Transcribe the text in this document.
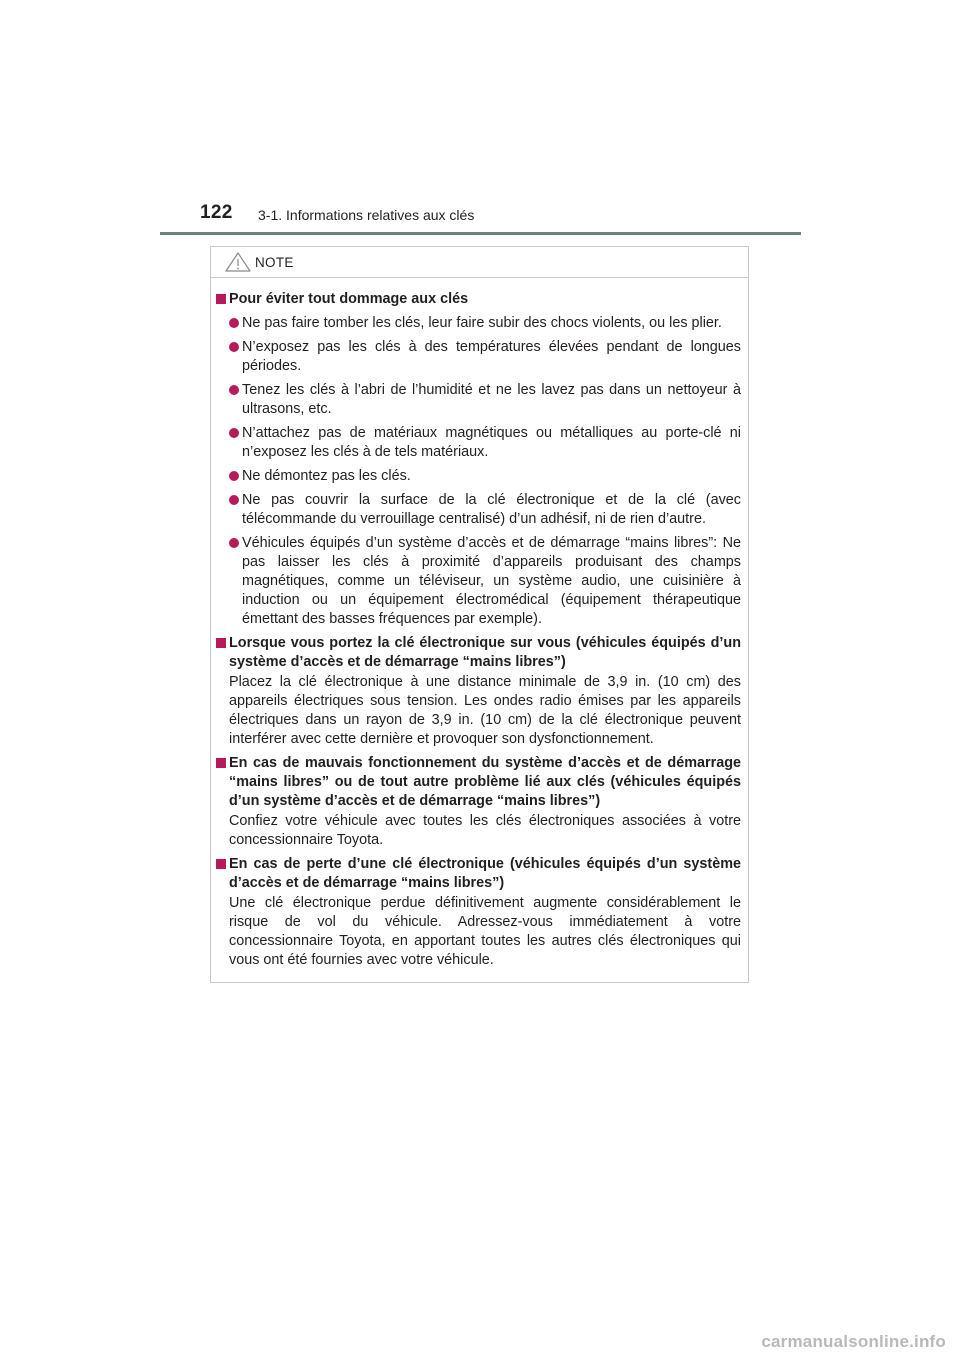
122 3-1. Informations relatives aux clés
NOTE
Pour éviter tout dommage aux clés
Ne pas faire tomber les clés, leur faire subir des chocs violents, ou les plier.
N’exposez pas les clés à des températures élevées pendant de longues périodes.
Tenez les clés à l’abri de l’humidité et ne les lavez pas dans un nettoyeur à ultrasons, etc.
N’attachez pas de matériaux magnétiques ou métalliques au porte-clé ni n’exposez les clés à de tels matériaux.
Ne démontez pas les clés.
Ne pas couvrir la surface de la clé électronique et de la clé (avec télécommande du verrouillage centralisé) d’un adhésif, ni de rien d’autre.
Véhicules équipés d’un système d’accès et de démarrage “mains libres”: Ne pas laisser les clés à proximité d’appareils produisant des champs magnétiques, comme un téléviseur, un système audio, une cuisinière à induction ou un équipement électromédical (équipement thérapeutique émettant des basses fréquences par exemple).
Lorsque vous portez la clé électronique sur vous (véhicules équipés d’un système d’accès et de démarrage “mains libres”)
Placez la clé électronique à une distance minimale de 3,9 in. (10 cm) des appareils électriques sous tension. Les ondes radio émises par les appareils électriques dans un rayon de 3,9 in. (10 cm) de la clé électronique peuvent interférer avec cette dernière et provoquer son dysfonctionnement.
En cas de mauvais fonctionnement du système d’accès et de démarrage “mains libres” ou de tout autre problème lié aux clés (véhicules équipés d’un système d’accès et de démarrage “mains libres”)
Confiez votre véhicule avec toutes les clés électroniques associées à votre concessionnaire Toyota.
En cas de perte d’une clé électronique (véhicules équipés d’un système d’accès et de démarrage “mains libres”)
Une clé électronique perdue définitivement augmente considérablement le risque de vol du véhicule. Adressez-vous immédiatement à votre concessionnaire Toyota, en apportant toutes les autres clés électroniques qui vous ont été fournies avec votre véhicule.
carmanualsonline.info
